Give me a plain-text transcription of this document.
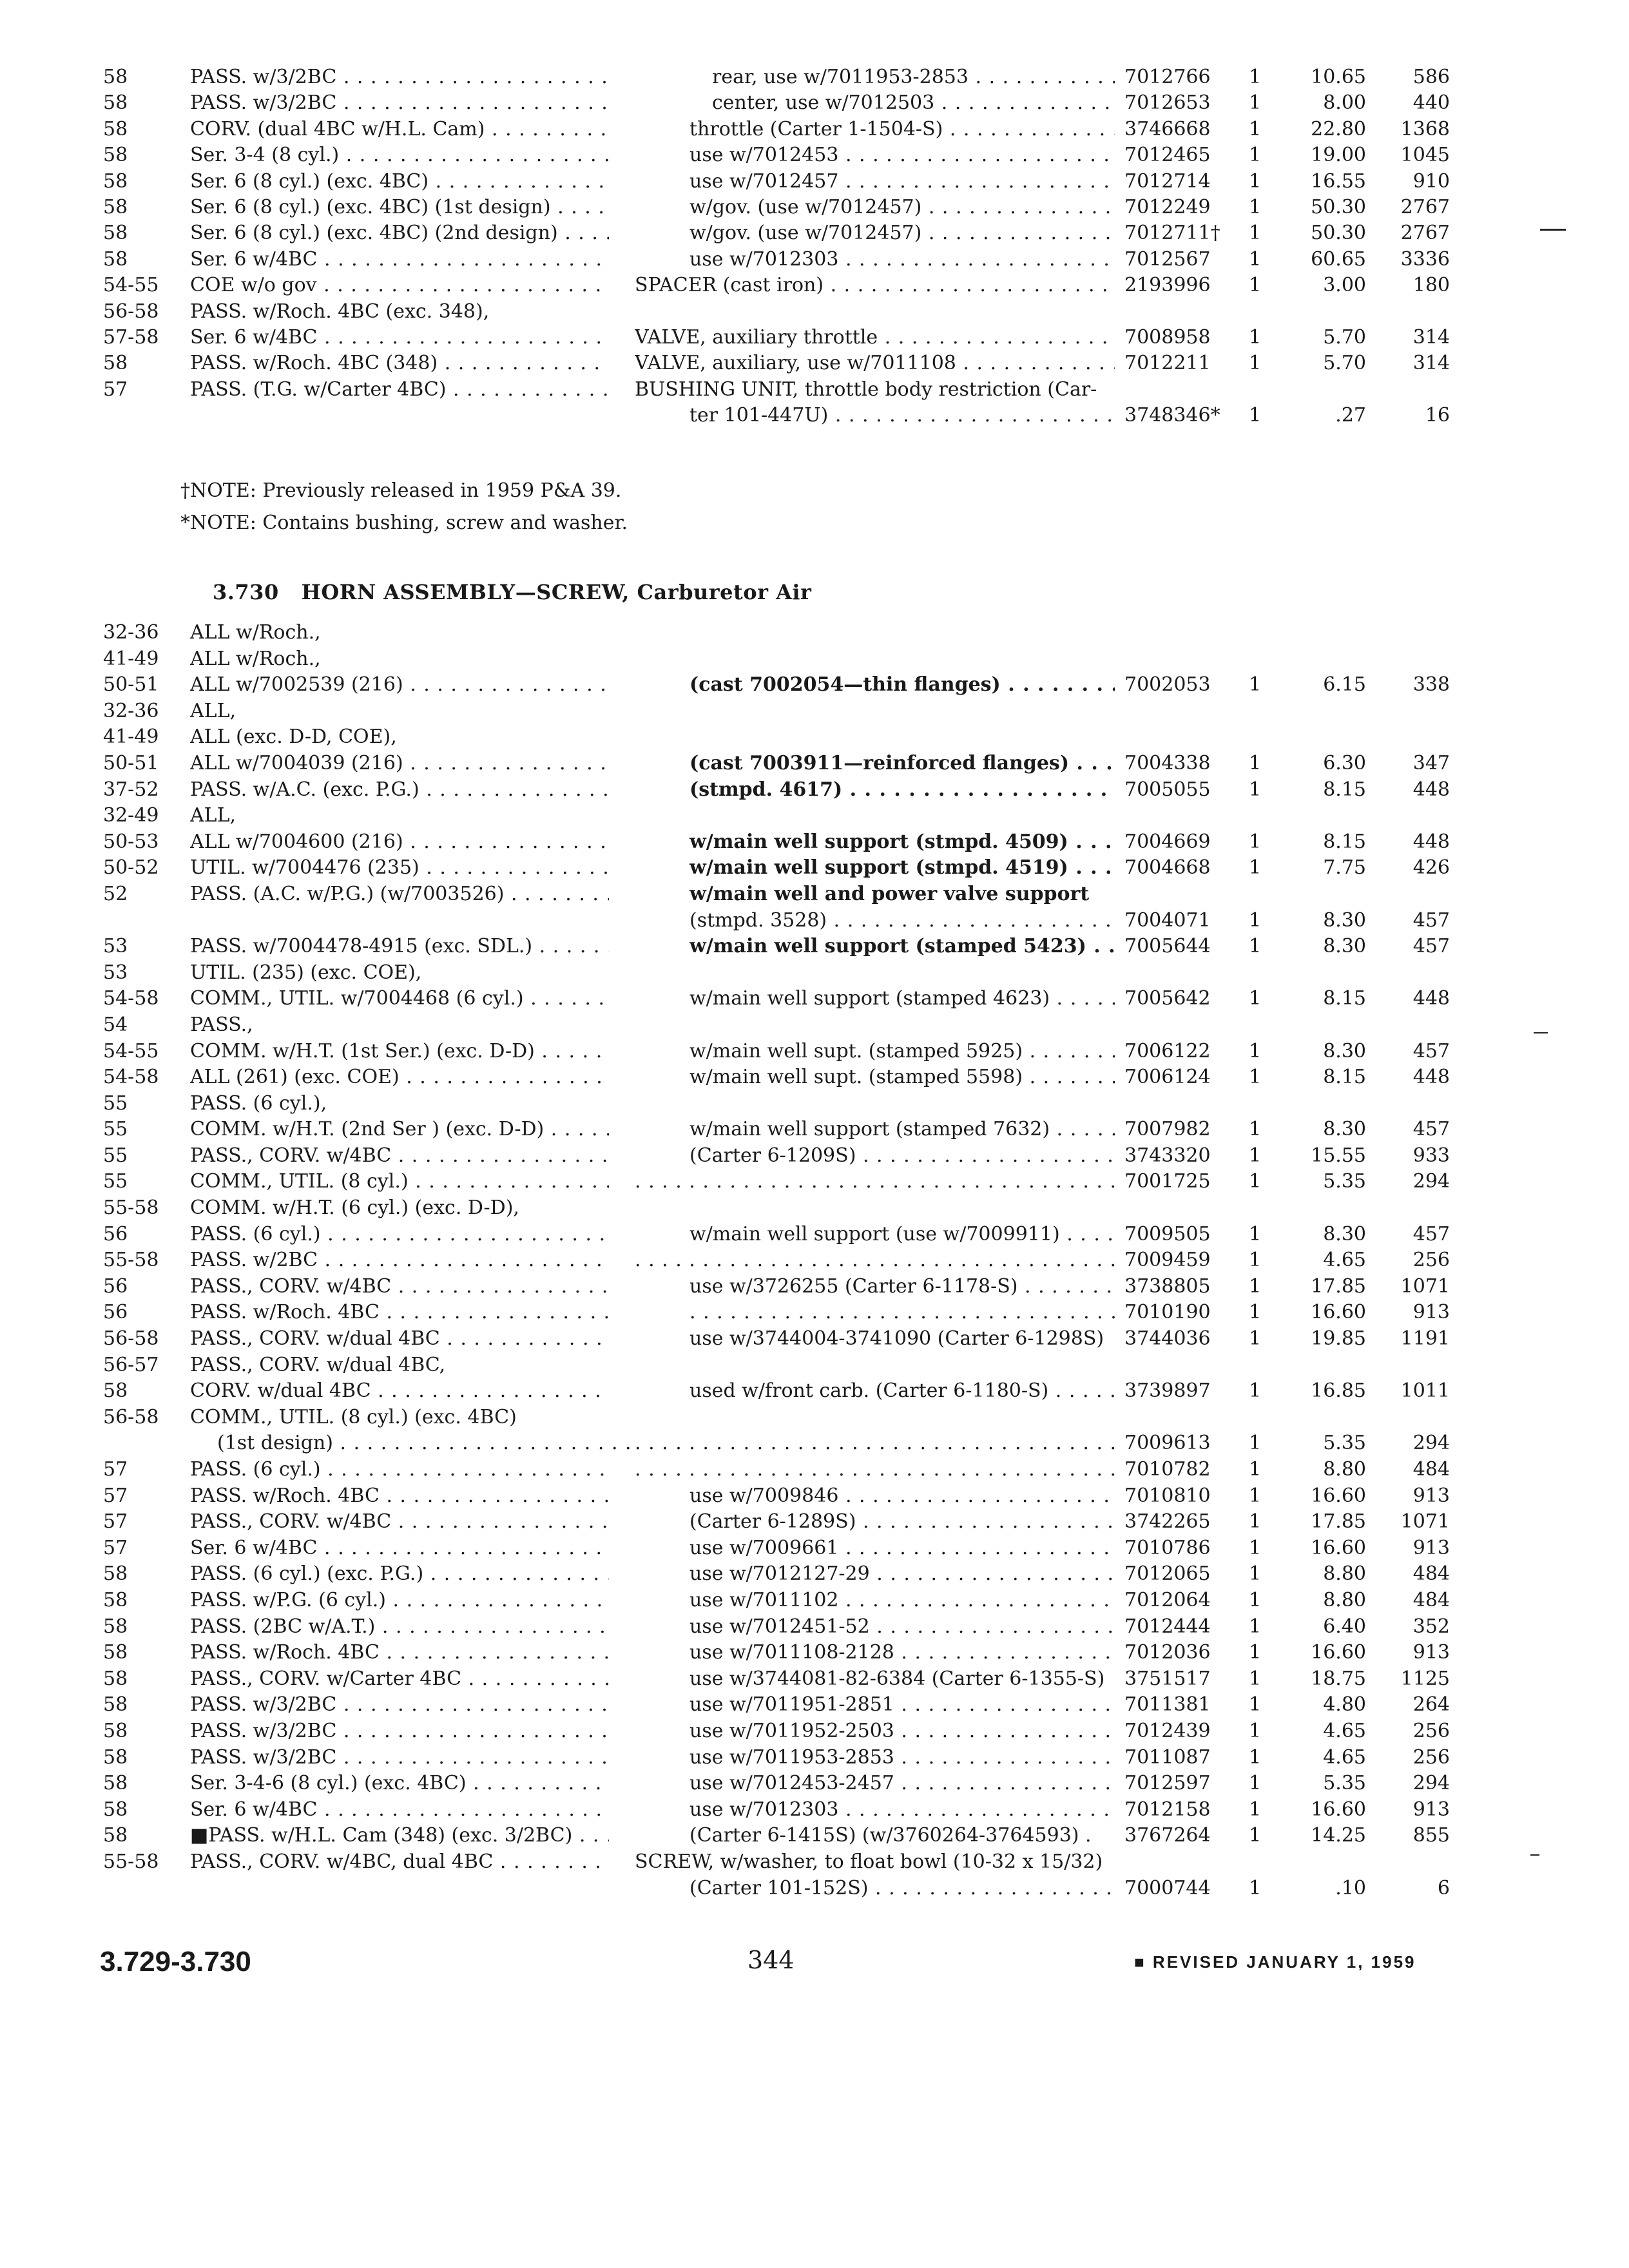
58	PASS. w/3/2BC . . .	rear, use w/7011953-2853 . . .	7012766	1	10.65	586
58	PASS. w/3/2BC . . .	center, use w/7012503 . . .	7012653	1	8.00	440
58	CORV. (dual 4BC w/H.L. Cam) . . .	throttle (Carter 1-1504-S) . . .	3746668	1	22.80	1368
58	Ser. 3-4 (8 cyl.) . . .	use w/7012453 . . .	7012465	1	19.00	1045
58	Ser. 6 (8 cyl.) (exc. 4BC) . . .	use w/7012457 . . .	7012714	1	16.55	910
58	Ser. 6 (8 cyl.) (exc. 4BC) (1st design) . . .	w/gov. (use w/7012457) . . .	7012249	1	50.30	2767
58	Ser. 6 (8 cyl.) (exc. 4BC) (2nd design) . . .	w/gov. (use w/7012457) . . .	7012711†	1	50.30	2767
58	Ser. 6 w/4BC . . .	use w/7012303 . . .	7012567	1	60.65	3336
54-55	COE w/o gov . . .	SPACER (cast iron) . . .	2193996	1	3.00	180
56-58	PASS. w/Roch. 4BC (exc. 348),
57-58	Ser. 6 w/4BC . . .	VALVE, auxiliary throttle . . .	7008958	1	5.70	314
58	PASS. w/Roch. 4BC (348) . . .	VALVE, auxiliary, use w/7011108 . . .	7012211	1	5.70	314
57	PASS. (T.G. w/Carter 4BC) . . .	BUSHING UNIT, throttle body restriction (Car-
ter 101-447U) . . .	3748346*	1	.27	16
†NOTE: Previously released in 1959 P&A 39.
*NOTE: Contains bushing, screw and washer.
3.730 HORN ASSEMBLY—SCREW, Carburetor Air
32-36	ALL w/Roch.,
41-49	ALL w/Roch.,
50-51	ALL w/7002539 (216) . . .	(cast 7002054—thin flanges) . . .	7002053	1	6.15	338
32-36	ALL,
41-49	ALL (exc. D-D, COE),
50-51	ALL w/7004039 (216) . . .	(cast 7003911—reinforced flanges) . . .	7004338	1	6.30	347
37-52	PASS. w/A.C. (exc. P.G.) . . .	(stmpd. 4617) . . .	7005055	1	8.15	448
32-49	ALL,
50-53	ALL w/7004600 (216) . . .	w/main well support (stmpd. 4509) . . .	7004669	1	8.15	448
50-52	UTIL. w/7004476 (235) . . .	w/main well support (stmpd. 4519) . . .	7004668	1	7.75	426
52	PASS. (A.C. w/P.G.) (w/7003526) . . .	w/main well and power valve support
(stmpd. 3528) . . .	7004071	1	8.30	457
53	PASS. w/7004478-4915 (exc. SDL.) . . .	w/main well support (stamped 5423) . . .	7005644	1	8.30	457
53	UTIL. (235) (exc. COE),
54-58	COMM., UTIL. w/7004468 (6 cyl.) . . .	w/main well support (stamped 4623) . . .	7005642	1	8.15	448
54	PASS.,
54-55	COMM. w/H.T. (1st Ser.) (exc. D-D) . . .	w/main well supt. (stamped 5925) . . .	7006122	1	8.30	457
54-58	ALL (261) (exc. COE) . . .	w/main well supt. (stamped 5598) . . .	7006124	1	8.15	448
55	PASS. (6 cyl.),
55	COMM. w/H.T. (2nd Ser ) (exc. D-D) . . .	w/main well support (stamped 7632) . . .	7007982	1	8.30	457
55	PASS., CORV. w/4BC . . .	(Carter 6-1209S) . . .	3743320	1	15.55	933
55	COMM., UTIL. (8 cyl.) . . . . . .	7001725	1	5.35	294
55-58	COMM. w/H.T. (6 cyl.) (exc. D-D),
56	PASS. (6 cyl.) . . .	w/main well support (use w/7009911) . . .	7009505	1	8.30	457
55-58	PASS. w/2BC . . . . . .	7009459	1	4.65	256
56	PASS., CORV. w/4BC . . .	use w/3726255 (Carter 6-1178-S) . . .	3738805	1	17.85	1071
56	PASS. w/Roch. 4BC . . . . . .	7010190	1	16.60	913
56-58	PASS., CORV. w/dual 4BC . . .	use w/3744004-3741090 (Carter 6-1298S)	3744036	1	19.85	1191
56-57	PASS., CORV. w/dual 4BC,
58	CORV. w/dual 4BC . . .	used w/front carb. (Carter 6-1180-S) . . .	3739897	1	16.85	1011
56-58	COMM., UTIL. (8 cyl.) (exc. 4BC)
(1st design) . . . . . .	7009613	1	5.35	294
57	PASS. (6 cyl.) . . . . . .	7010782	1	8.80	484
57	PASS. w/Roch. 4BC . . .	use w/7009846 . . .	7010810	1	16.60	913
57	PASS., CORV. w/4BC . . .	(Carter 6-1289S) . . .	3742265	1	17.85	1071
57	Ser. 6 w/4BC . . .	use w/7009661 . . .	7010786	1	16.60	913
58	PASS. (6 cyl.) (exc. P.G.) . . .	use w/7012127-29 . . .	7012065	1	8.80	484
58	PASS. w/P.G. (6 cyl.) . . .	use w/7011102 . . .	7012064	1	8.80	484
58	PASS. (2BC w/A.T.) . . .	use w/7012451-52 . . .	7012444	1	6.40	352
58	PASS. w/Roch. 4BC . . .	use w/7011108-2128 . . .	7012036	1	16.60	913
58	PASS., CORV. w/Carter 4BC . . .	use w/3744081-82-6384 (Carter 6-1355-S)	3751517	1	18.75	1125
58	PASS. w/3/2BC . . .	use w/7011951-2851 . . .	7011381	1	4.80	264
58	PASS. w/3/2BC . . .	use w/7011952-2503 . . .	7012439	1	4.65	256
58	PASS. w/3/2BC . . .	use w/7011953-2853 . . .	7011087	1	4.65	256
58	Ser. 3-4-6 (8 cyl.) (exc. 4BC) . . .	use w/7012453-2457 . . .	7012597	1	5.35	294
58	Ser. 6 w/4BC . . .	use w/7012303 . . .	7012158	1	16.60	913
58	■PASS. w/H.L. Cam (348) (exc. 3/2BC) . . .	(Carter 6-1415S) (w/3760264-3764593) .	3767264	1	14.25	855
55-58	PASS., CORV. w/4BC, dual 4BC . . .	SCREW, w/washer, to float bowl (10-32 x 15/32)
(Carter 101-152S) . . .	7000744	1	.10	6
3.729-3.730	344	■ REVISED JANUARY 1, 1959
